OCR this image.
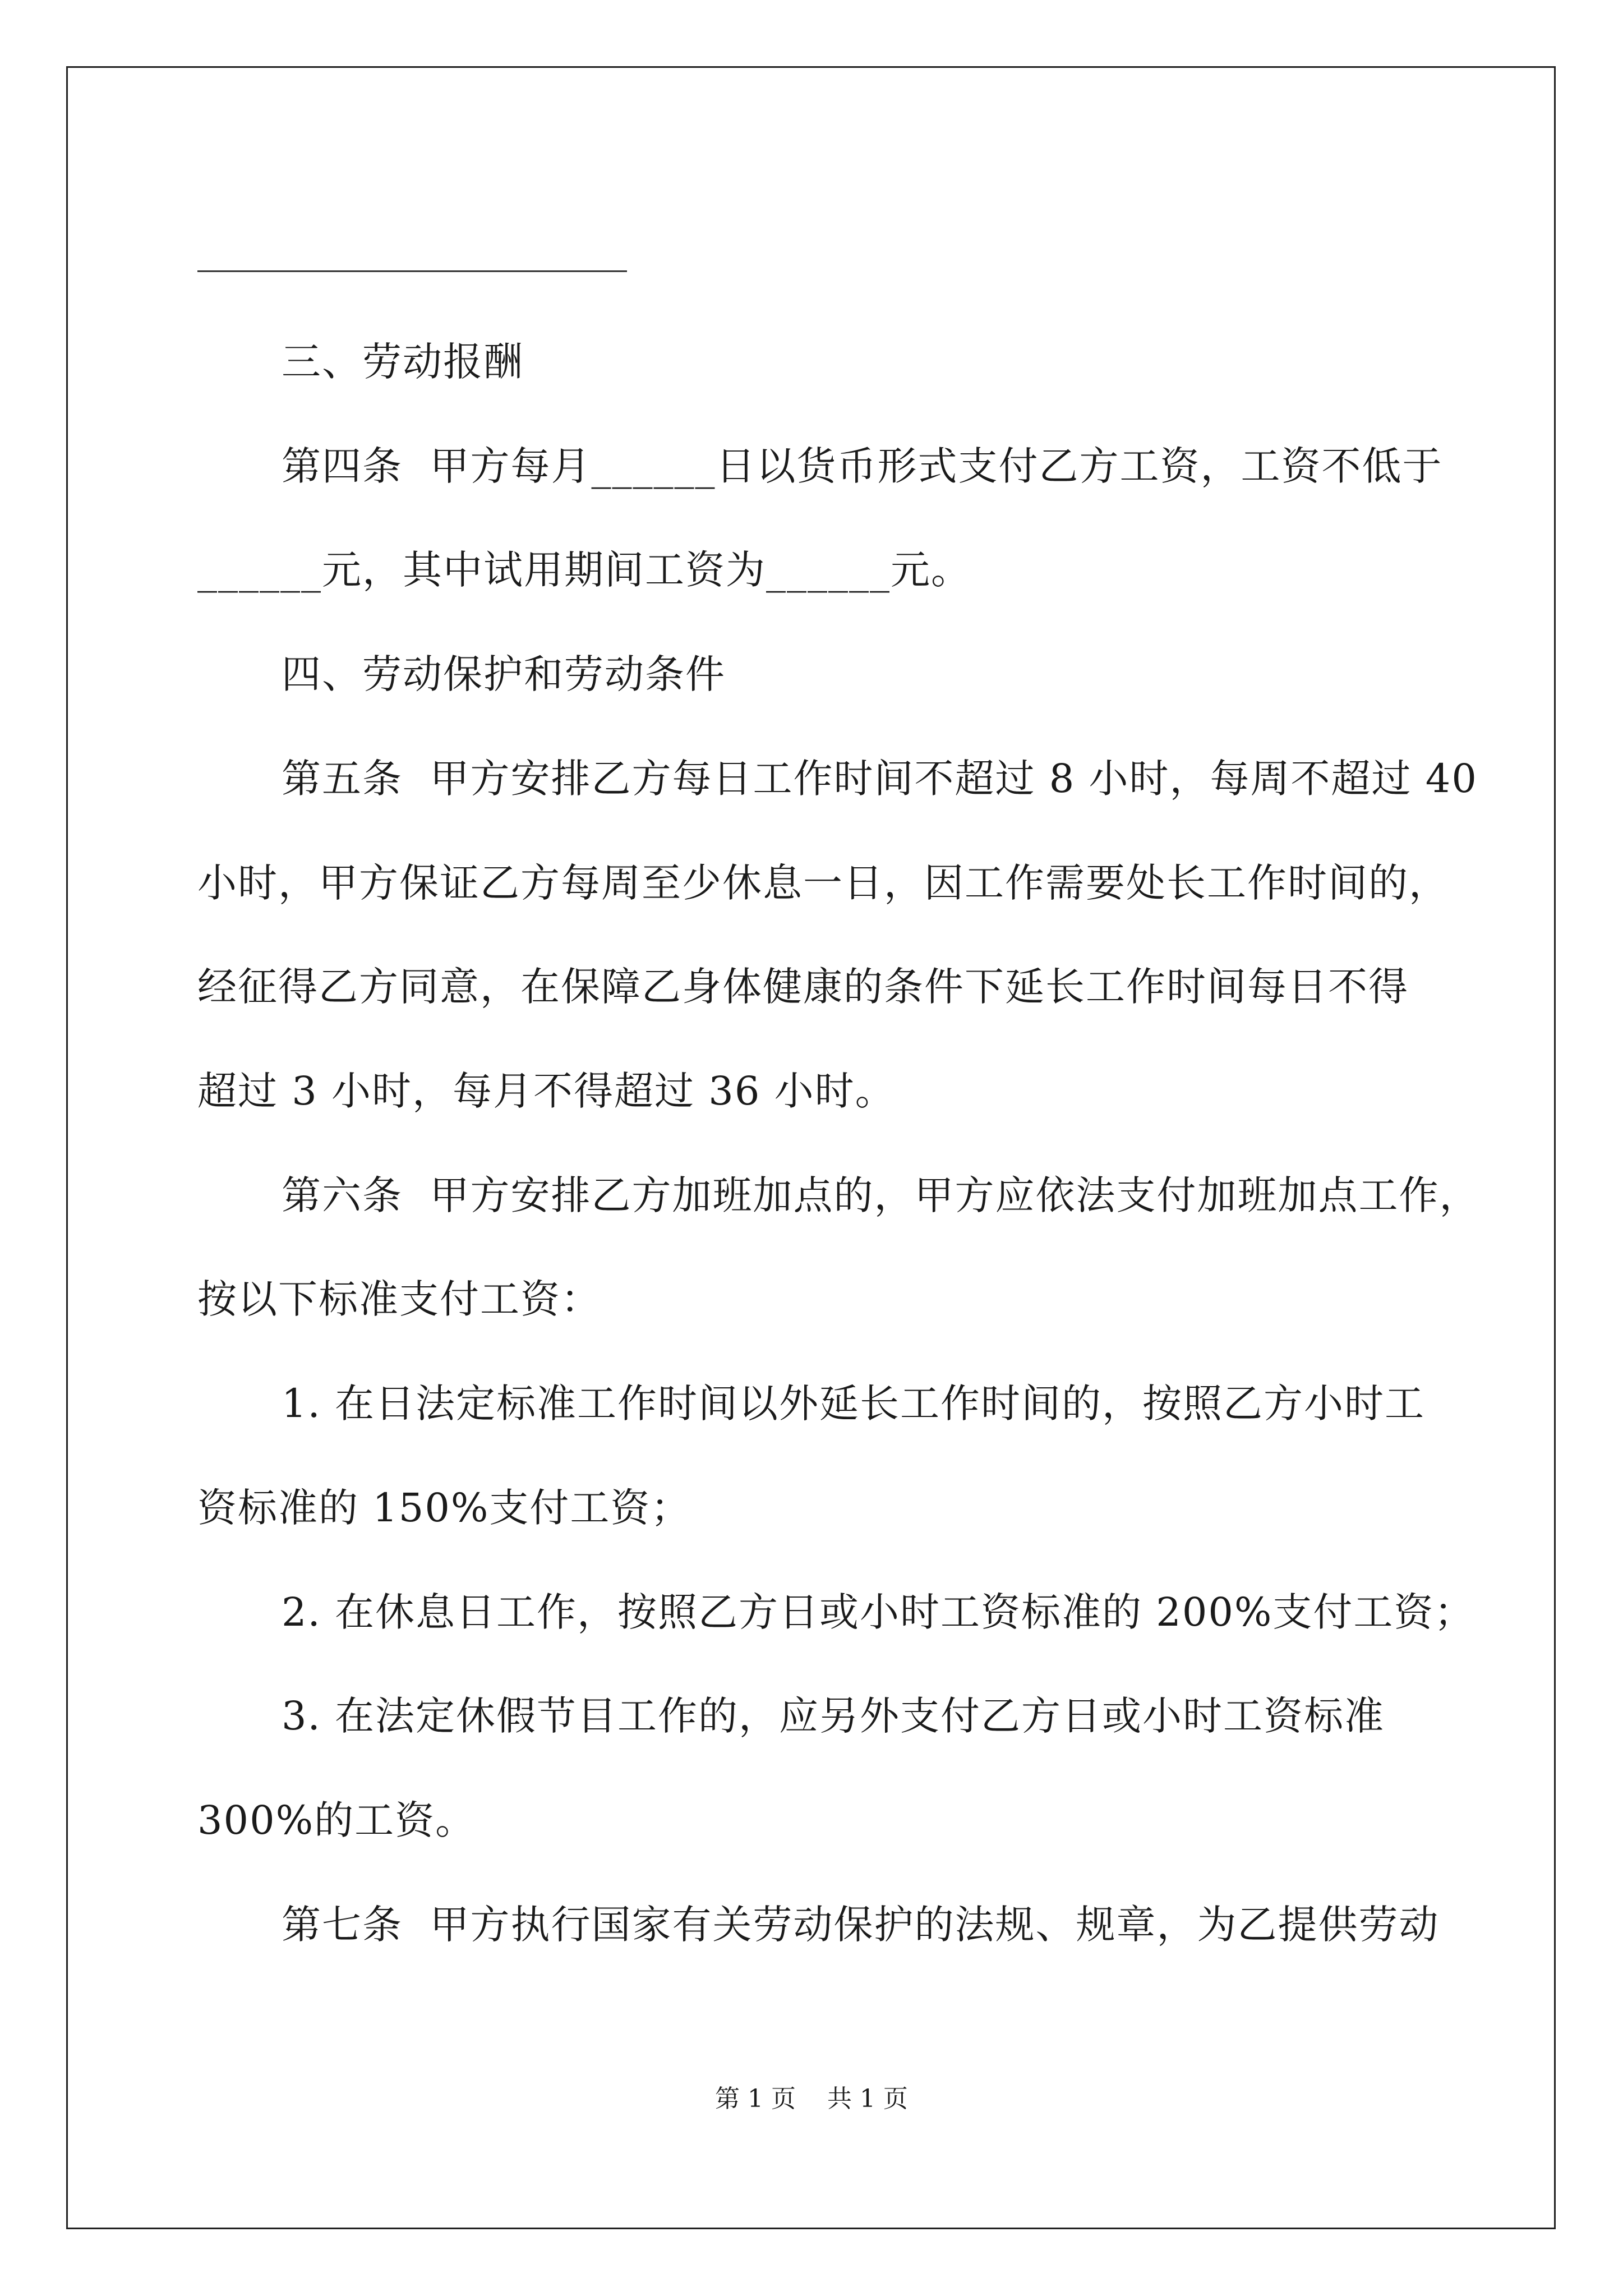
三、劳动报酬
第四条  甲方每月______日以货币形式支付乙方工资，工资不低于
______元，其中试用期间工资为______元。
四、劳动保护和劳动条件
第五条  甲方安排乙方每日工作时间不超过 8 小时，每周不超过 40
小时，甲方保证乙方每周至少休息一日，因工作需要处长工作时间的，
经征得乙方同意，在保障乙身体健康的条件下延长工作时间每日不得
超过 3 小时，每月不得超过 36 小时。
第六条  甲方安排乙方加班加点的，甲方应依法支付加班加点工作，
按以下标准支付工资：
1. 在日法定标准工作时间以外延长工作时间的，按照乙方小时工
资标准的 150%支付工资；
2. 在休息日工作，按照乙方日或小时工资标准的 200%支付工资；
3. 在法定休假节目工作的，应另外支付乙方日或小时工资标准
300%的工资。
第七条  甲方执行国家有关劳动保护的法规、规章，为乙提供劳动
第 1 页    共 1 页
